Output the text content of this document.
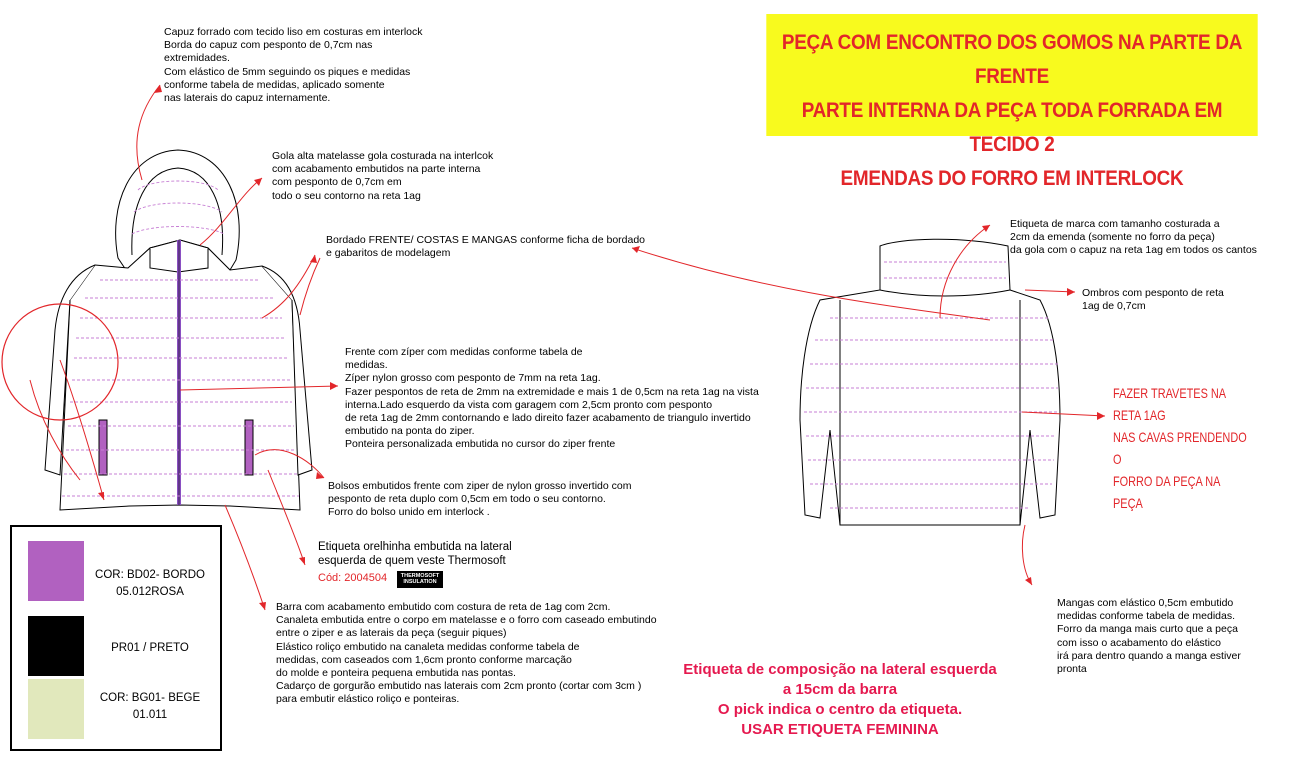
PEÇA COM ENCONTRO DOS GOMOS NA PARTE DA FRENTE
PARTE INTERNA DA PEÇA TODA FORRADA EM TECIDO 2
EMENDAS DO FORRO EM INTERLOCK
Capuz forrado com tecido liso em costuras em interlock
Borda do capuz com pesponto de 0,7cm nas
extremidades.
Com elástico de 5mm seguindo os piques e medidas
conforme tabela de medidas, aplicado somente
nas laterais do capuz internamente.
Gola alta matelasse gola costurada na interlcok
com acabamento embutidos na parte interna
com pesponto de 0,7cm em
todo o seu contorno na reta 1ag
Bordado FRENTE/ COSTAS E MANGAS conforme ficha de bordado
e gabaritos de modelagem
Frente com zíper com medidas conforme tabela de
medidas.
Zíper nylon grosso com pesponto de 7mm na reta 1ag.
Fazer pespontos de reta de 2mm na extremidade e mais 1 de 0,5cm na reta 1ag na vista
interna.Lado esquerdo da vista com garagem com 2,5cm pronto com pesponto
de reta 1ag de 2mm contornando e lado direito fazer acabamento de triangulo invertido
embutido na ponta do ziper.
Ponteira personalizada embutida no cursor do ziper frente
Bolsos embutidos frente com ziper de nylon grosso invertido com
pesponto de reta duplo com 0,5cm em todo o seu contorno.
Forro do bolso unido em interlock .
Etiqueta orelhinha embutida na lateral
esquerda de quem veste Thermosoft
Cód: 2004504	THERMOSOFT
INSULATION
Barra com acabamento embutido com costura de reta de 1ag com 2cm.
Canaleta embutida entre o corpo em matelasse e o forro com caseado embutindo
entre o ziper e as laterais da peça (seguir piques)
Elástico roliço embutido na canaleta medidas conforme tabela de
medidas, com caseados com 1,6cm pronto conforme marcação
do molde e ponteira pequena embutida nas pontas.
Cadarço de gorgurão embutido nas laterais com 2cm pronto (cortar com 3cm )
para embutir elástico roliço e ponteiras.
Etiqueta de marca com tamanho costurada a
2cm da emenda (somente no forro da peça)
da gola com o capuz na reta 1ag em todos os cantos
Ombros com pesponto de reta
1ag de 0,7cm
FAZER TRAVETES NA RETA 1AG
NAS CAVAS PRENDENDO O
FORRO DA PEÇA NA PEÇA
Mangas com elástico 0,5cm embutido
medidas conforme tabela de medidas.
Forro da manga mais curto que a peça
com isso o acabamento do elástico
irá para dentro quando a manga estiver
pronta
Etiqueta de composição na lateral esquerda
a 15cm da barra
O pick indica o centro da etiqueta.
USAR ETIQUETA FEMININA
COR: BD02- BORDO
05.012ROSA
PR01 / PRETO
COR: BG01- BEGE
01.011
